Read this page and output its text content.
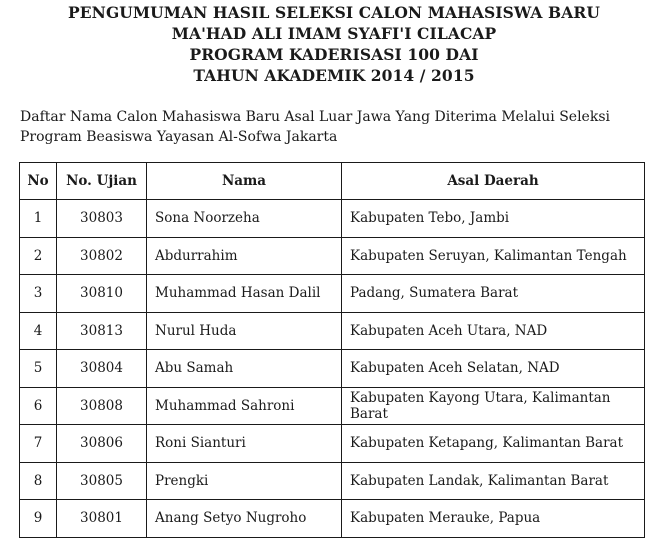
PENGUMUMAN HASIL SELEKSI CALON MAHASISWA BARU
MA'HAD ALI IMAM SYAFI'I CILACAP
PROGRAM KADERISASI 100 DAI
TAHUN AKADEMIK 2014 / 2015
Daftar Nama Calon Mahasiswa Baru Asal Luar Jawa Yang Diterima Melalui Seleksi Program Beasiswa Yayasan Al-Sofwa Jakarta
No	No. Ujian	Nama	Asal Daerah
1	30803	Sona Noorzeha	Kabupaten Tebo, Jambi
2	30802	Abdurrahim	Kabupaten Seruyan, Kalimantan Tengah
3	30810	Muhammad Hasan Dalil	Padang, Sumatera Barat
4	30813	Nurul Huda	Kabupaten Aceh Utara, NAD
5	30804	Abu Samah	Kabupaten Aceh Selatan, NAD
6	30808	Muhammad Sahroni	Kabupaten Kayong Utara, Kalimantan Barat
7	30806	Roni Sianturi	Kabupaten Ketapang, Kalimantan Barat
8	30805	Prengki	Kabupaten Landak, Kalimantan Barat
9	30801	Anang Setyo Nugroho	Kabupaten Merauke, Papua
